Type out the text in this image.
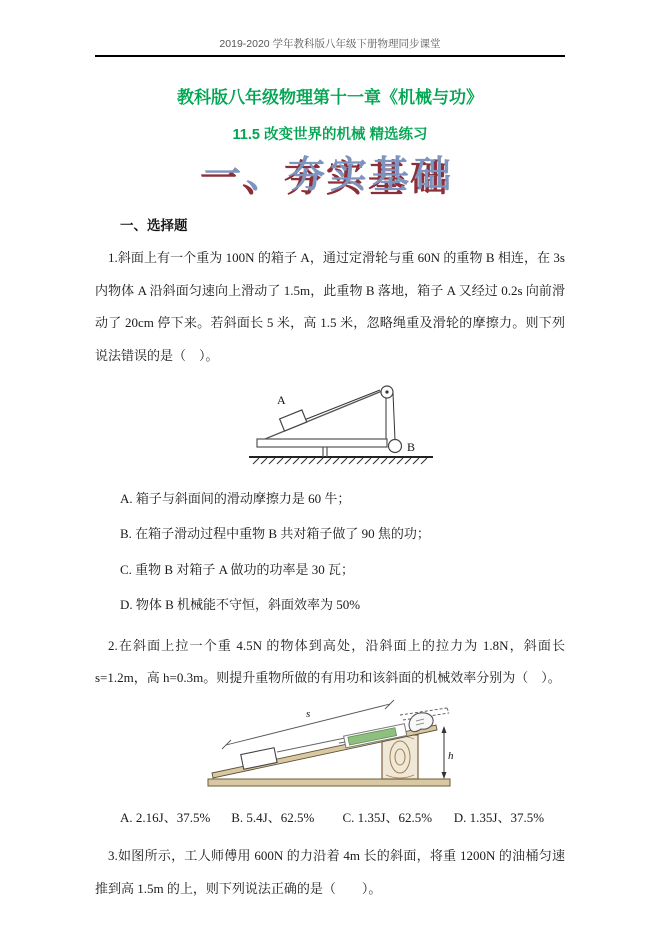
2019-2020 学年教科版八年级下册物理同步课堂
教科版八年级物理第十一章《机械与功》
11.5 改变世界的机械 精选练习
一、夯实基础
一、选择题

1.斜面上有一个重为 100N 的箱子 A，通过定滑轮与重 60N 的重物 B 相连，在 3s 内物体 A 沿斜面匀速向上滑动了 1.5m，此重物 B 落地，箱子 A 又经过 0.2s 向前滑动了 20cm 停下来。若斜面长 5 米，高 1.5 米，忽略绳重及滑轮的摩擦力。则下列说法错误的是（　）。

A
B
A. 箱子与斜面间的滑动摩擦力是 60 牛；
B. 在箱子滑动过程中重物 B 共对箱子做了 90 焦的功；
C. 重物 B 对箱子 A 做功的功率是 30 瓦；
D. 物体 B 机械能不守恒，斜面效率为 50%

2.在斜面上拉一个重 4.5N 的物体到高处，沿斜面上的拉力为 1.8N，斜面长 s=1.2m，高 h=0.3m。则提升重物所做的有用功和该斜面的机械效率分别为（　）。

h
s
A. 2.16J、37.5%	B. 5.4J、62.5%	C. 1.35J、62.5%	D. 1.35J、37.5%

3.如图所示，工人师傅用 600N 的力沿着 4m 长的斜面，将重 1200N 的油桶匀速推到高 1.5m 的上，则下列说法正确的是（　　）。
